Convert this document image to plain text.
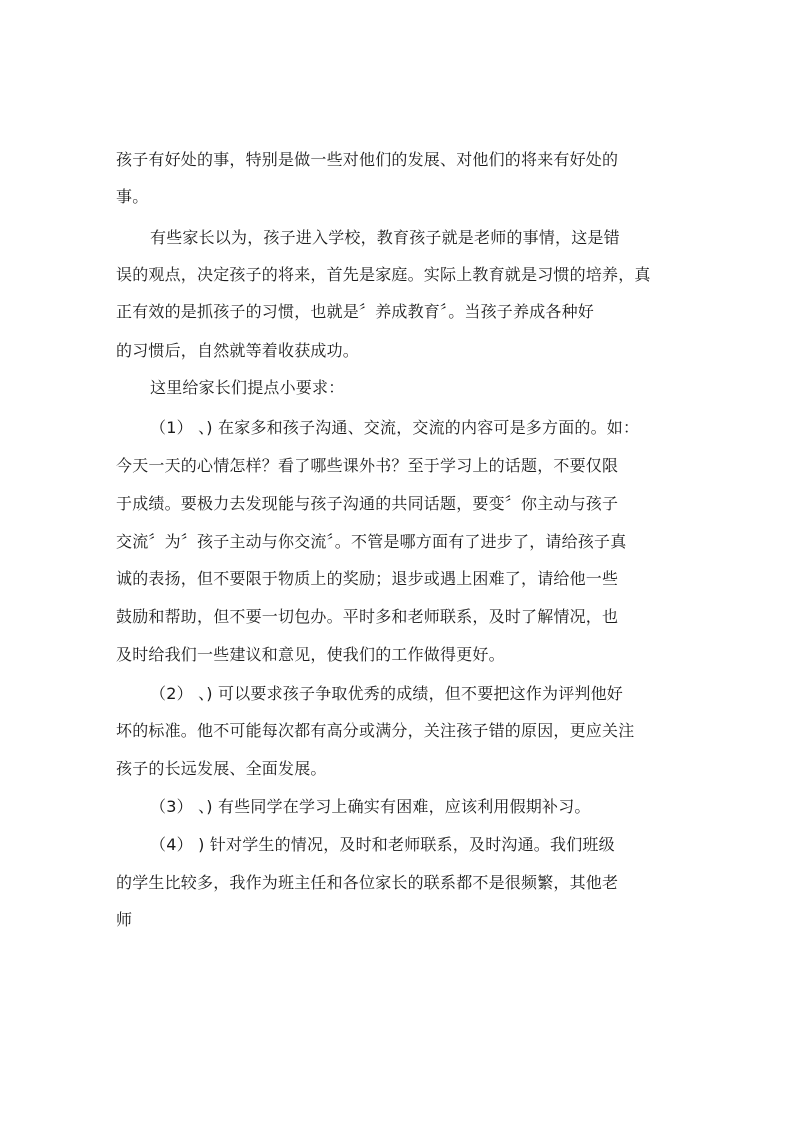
孩子有好处的事，特别是做一些对他们的发展、对他们的将来有好处的
事。
有些家长以为，孩子进入学校，教育孩子就是老师的事情，这是错
误的观点，决定孩子的将来，首先是家庭。实际上教育就是习惯的培养，真
正有效的是抓孩子的习惯，也就是〞养成教育〞。当孩子养成各种好
的习惯后，自然就等着收获成功。
这里给家长们提点小要求：
（1） 、) 在家多和孩子沟通、交流，交流的内容可是多方面的。如：
今天一天的心情怎样？看了哪些课外书？至于学习上的话题，不要仅限
于成绩。要极力去发现能与孩子沟通的共同话题，要变〞你主动与孩子
交流〞为〞孩子主动与你交流〞。不管是哪方面有了进步了，请给孩子真
诚的表扬，但不要限于物质上的奖励；退步或遇上困难了，请给他一些
鼓励和帮助，但不要一切包办。平时多和老师联系，及时了解情况，也
及时给我们一些建议和意见，使我们的工作做得更好。
（2） 、) 可以要求孩子争取优秀的成绩，但不要把这作为评判他好
坏的标准。他不可能每次都有高分或满分，关注孩子错的原因，更应关注
孩子的长远发展、全面发展。
（3） 、) 有些同学在学习上确实有困难，应该利用假期补习。
（4） ) 针对学生的情况，及时和老师联系，及时沟通。我们班级
的学生比较多，我作为班主任和各位家长的联系都不是很频繁，其他老
师
